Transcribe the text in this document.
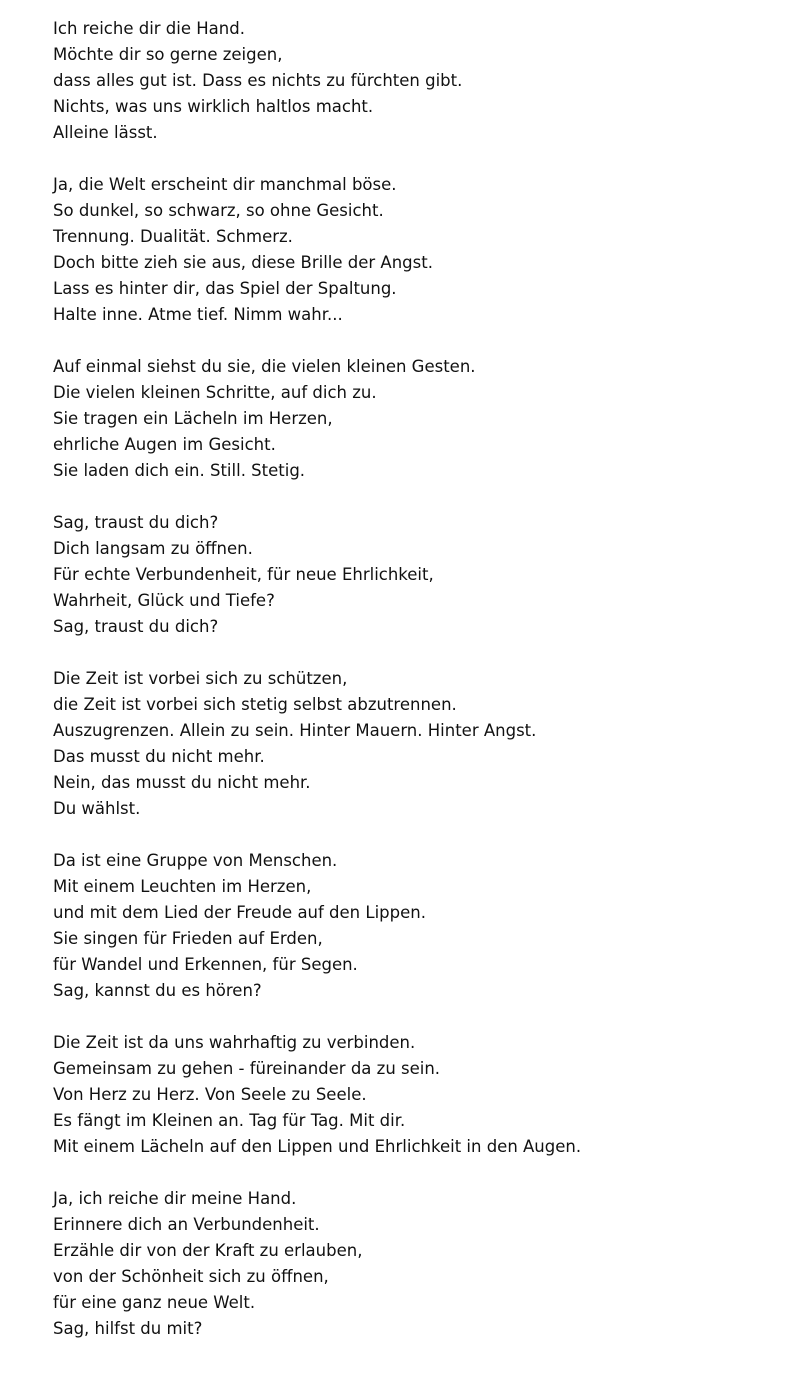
Ich reiche dir die Hand.
Möchte dir so gerne zeigen,
dass alles gut ist. Dass es nichts zu fürchten gibt.
Nichts, was uns wirklich haltlos macht.
Alleine lässt.
Ja, die Welt erscheint dir manchmal böse.
So dunkel, so schwarz, so ohne Gesicht.
Trennung. Dualität. Schmerz.
Doch bitte zieh sie aus, diese Brille der Angst.
Lass es hinter dir, das Spiel der Spaltung.
Halte inne. Atme tief. Nimm wahr...
Auf einmal siehst du sie, die vielen kleinen Gesten.
Die vielen kleinen Schritte, auf dich zu.
Sie tragen ein Lächeln im Herzen,
ehrliche Augen im Gesicht.
Sie laden dich ein. Still. Stetig.
Sag, traust du dich?
Dich langsam zu öffnen.
Für echte Verbundenheit, für neue Ehrlichkeit,
Wahrheit, Glück und Tiefe?
Sag, traust du dich?
Die Zeit ist vorbei sich zu schützen,
die Zeit ist vorbei sich stetig selbst abzutrennen.
Auszugrenzen. Allein zu sein. Hinter Mauern. Hinter Angst.
Das musst du nicht mehr.
Nein, das musst du nicht mehr.
Du wählst.
Da ist eine Gruppe von Menschen.
Mit einem Leuchten im Herzen,
und mit dem Lied der Freude auf den Lippen.
Sie singen für Frieden auf Erden,
für Wandel und Erkennen, für Segen.
Sag, kannst du es hören?
Die Zeit ist da uns wahrhaftig zu verbinden.
Gemeinsam zu gehen - füreinander da zu sein.
Von Herz zu Herz. Von Seele zu Seele.
Es fängt im Kleinen an. Tag für Tag. Mit dir.
Mit einem Lächeln auf den Lippen und Ehrlichkeit in den Augen.
Ja, ich reiche dir meine Hand.
Erinnere dich an Verbundenheit.
Erzähle dir von der Kraft zu erlauben,
von der Schönheit sich zu öffnen,
für eine ganz neue Welt.
Sag, hilfst du mit?
